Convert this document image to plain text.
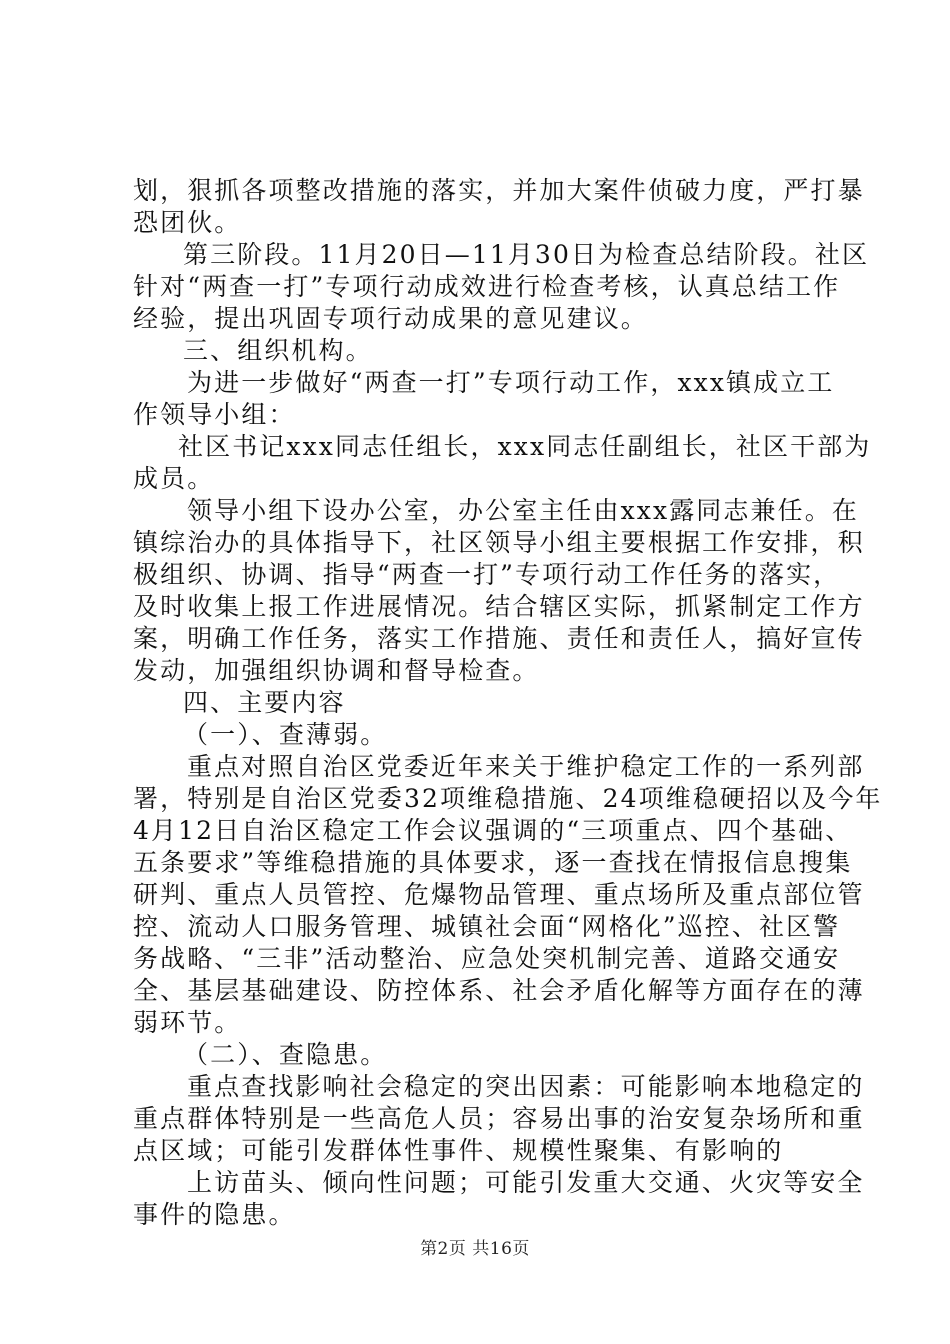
划，狠抓各项整改措施的落实，并加大案件侦破力度，严打暴
恐团伙。
第三阶段。11月20日—11月30日为检查总结阶段。社区
针对“两查一打”专项行动成效进行检查考核，认真总结工作
经验，提出巩固专项行动成果的意见建议。
三、组织机构。
为进一步做好“两查一打”专项行动工作，xxx镇成立工
作领导小组：
社区书记xxx同志任组长，xxx同志任副组长，社区干部为
成员。
领导小组下设办公室，办公室主任由xxx露同志兼任。在
镇综治办的具体指导下，社区领导小组主要根据工作安排，积
极组织、协调、指导“两查一打”专项行动工作任务的落实，
及时收集上报工作进展情况。结合辖区实际，抓紧制定工作方
案，明确工作任务，落实工作措施、责任和责任人，搞好宣传
发动，加强组织协调和督导检查。
四、主要内容
（一）、查薄弱。
重点对照自治区党委近年来关于维护稳定工作的一系列部
署，特别是自治区党委32项维稳措施、24项维稳硬招以及今年
4月12日自治区稳定工作会议强调的“三项重点、四个基础、
五条要求”等维稳措施的具体要求，逐一查找在情报信息搜集
研判、重点人员管控、危爆物品管理、重点场所及重点部位管
控、流动人口服务管理、城镇社会面“网格化”巡控、社区警
务战略、“三非”活动整治、应急处突机制完善、道路交通安
全、基层基础建设、防控体系、社会矛盾化解等方面存在的薄
弱环节。
（二）、查隐患。
重点查找影响社会稳定的突出因素：可能影响本地稳定的
重点群体特别是一些高危人员；容易出事的治安复杂场所和重
点区域；可能引发群体性事件、规模性聚集、有影响的
上访苗头、倾向性问题；可能引发重大交通、火灾等安全
事件的隐患。
第2页 共16页
